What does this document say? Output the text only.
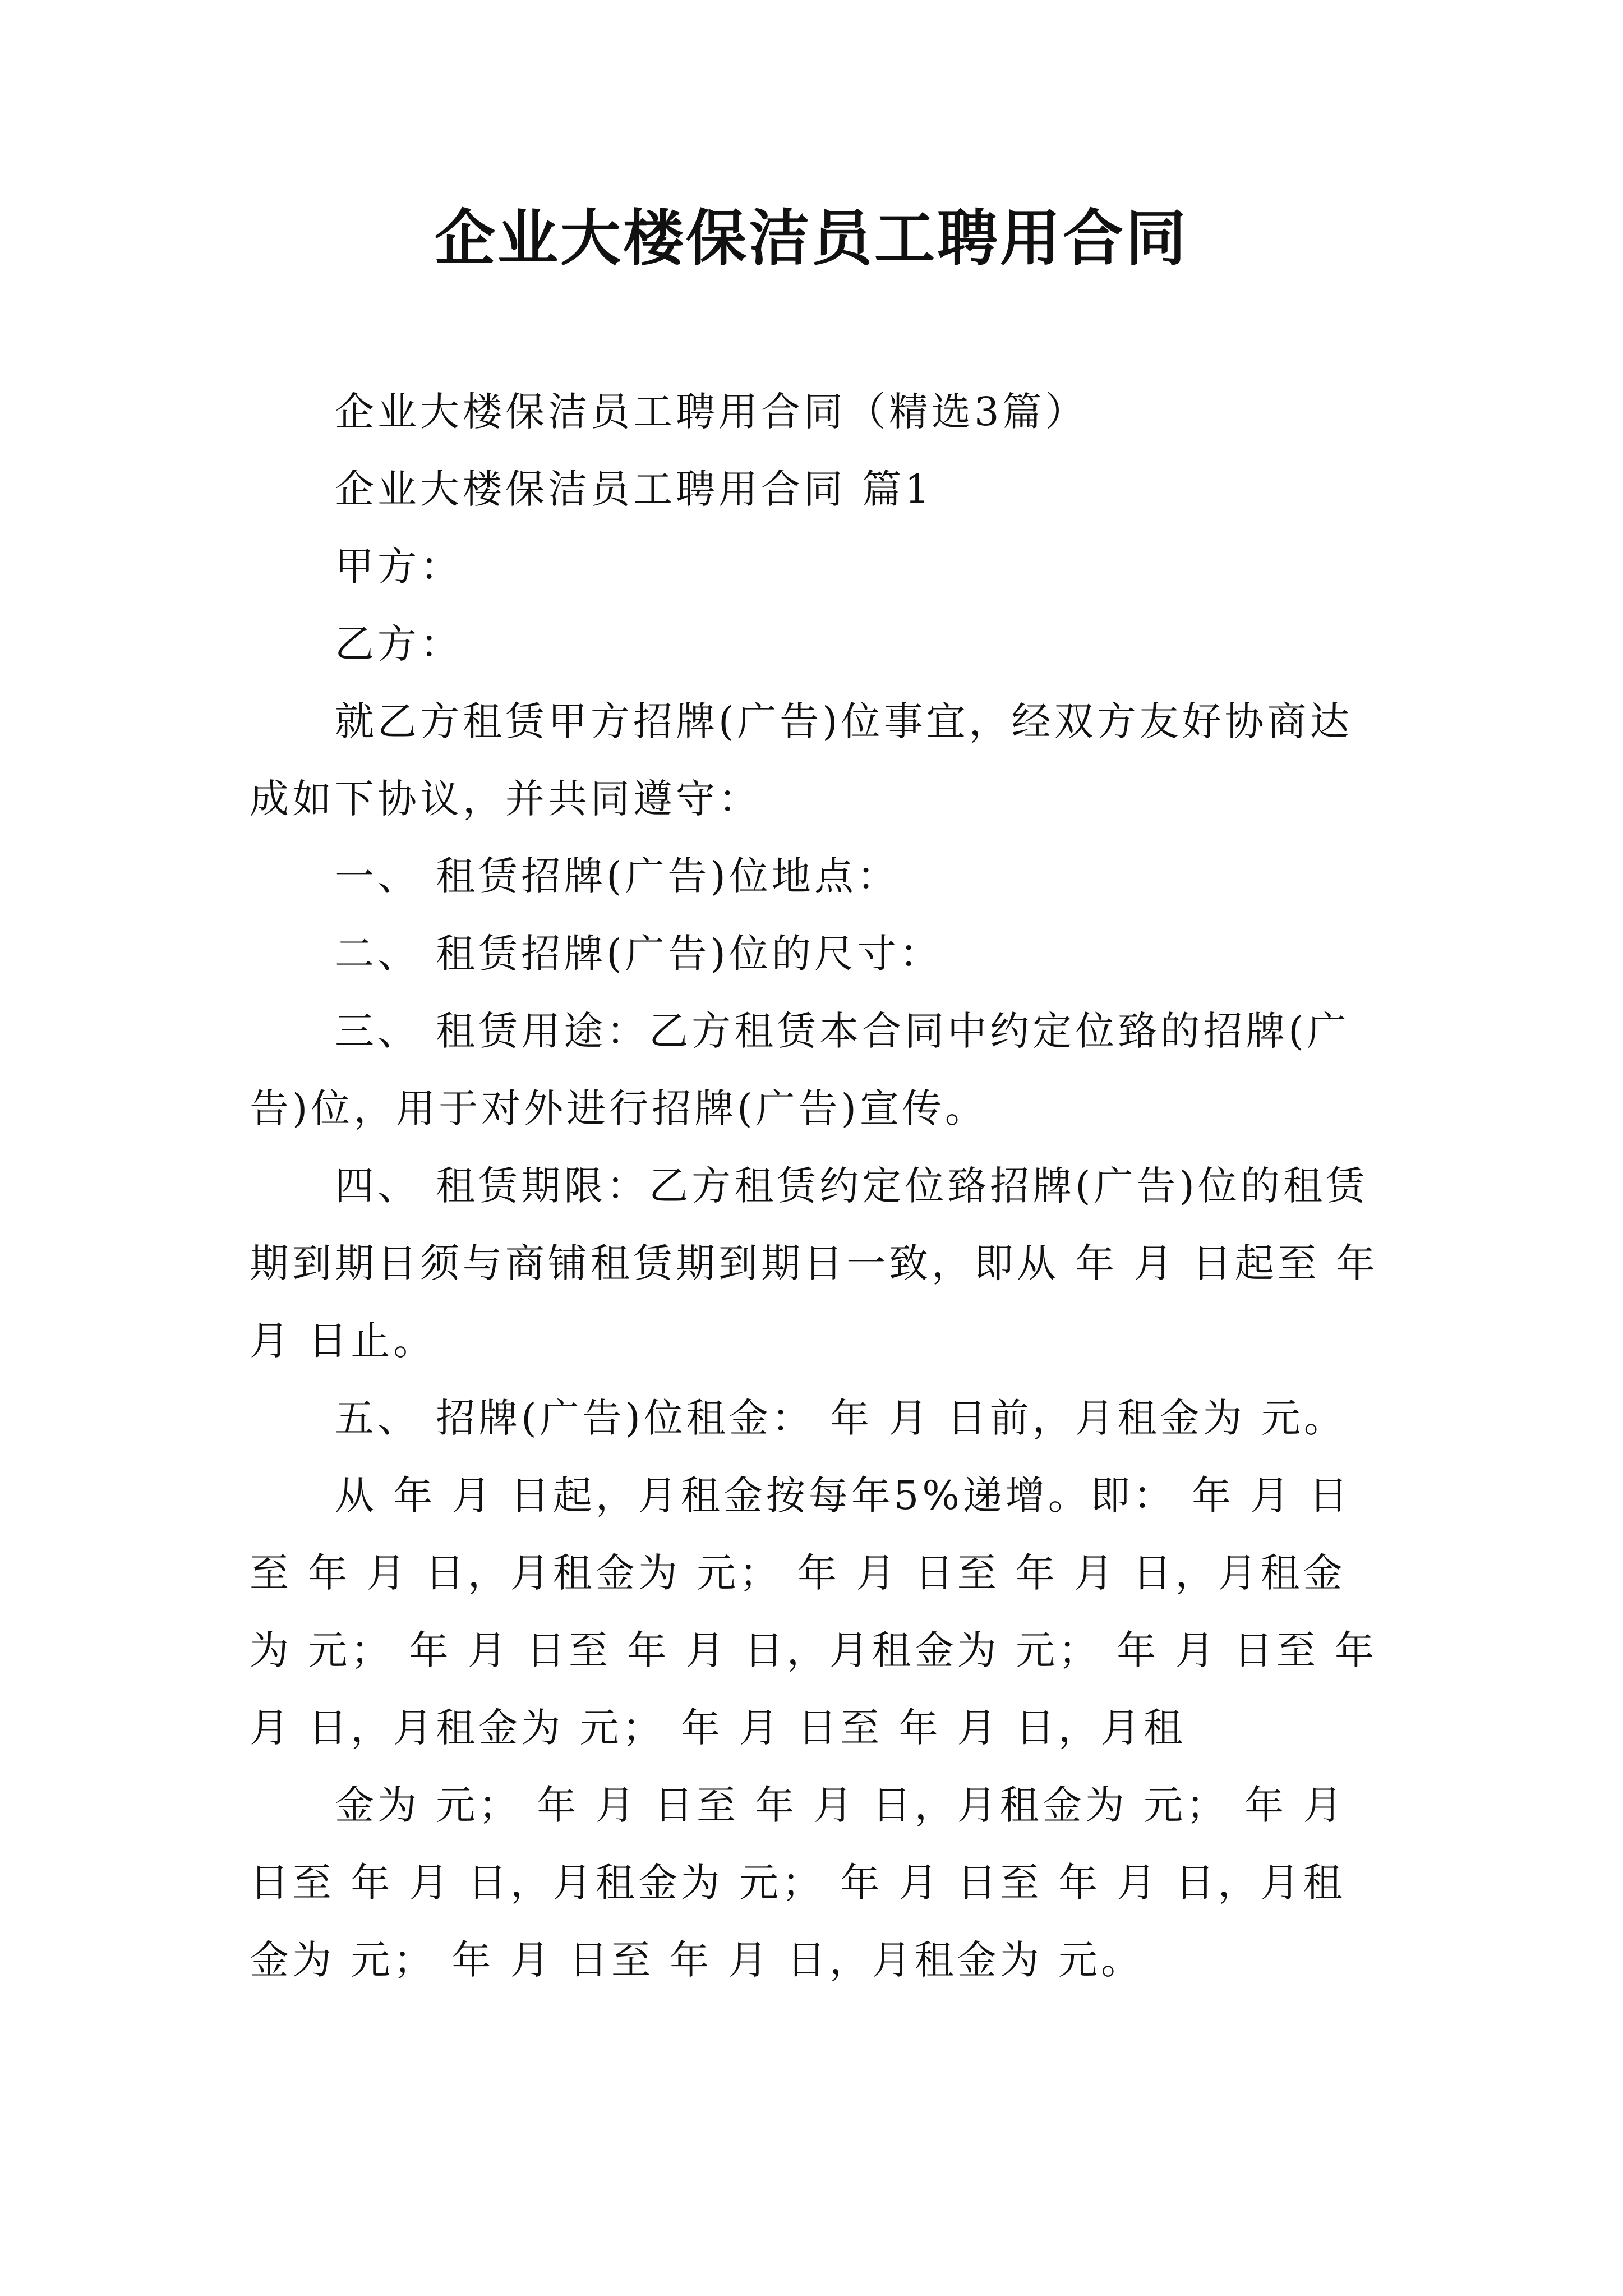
企业大楼保洁员工聘用合同

企业大楼保洁员工聘用合同（精选3篇）

企业大楼保洁员工聘用合同 篇1

甲方：

乙方：

就乙方租赁甲方招牌(广告)位事宜，经双方友好协商达成如下协议，并共同遵守：

一、 租赁招牌(广告)位地点：

二、 租赁招牌(广告)位的尺寸：

三、 租赁用途：乙方租赁本合同中约定位臵的招牌(广告)位，用于对外进行招牌(广告)宣传。

四、 租赁期限：乙方租赁约定位臵招牌(广告)位的租赁期到期日须与商铺租赁期到期日一致，即从 年 月 日起至 年 月 日止。

五、 招牌(广告)位租金： 年 月 日前，月租金为 元。

从 年 月 日起，月租金按每年5%递增。即： 年 月 日至 年 月 日，月租金为 元； 年 月 日至 年 月 日，月租金为 元； 年 月 日至 年 月 日，月租金为 元； 年 月 日至 年 月 日，月租金为 元； 年 月 日至 年 月 日，月租

金为 元； 年 月 日至 年 月 日，月租金为 元； 年 月 日至 年 月 日，月租金为 元； 年 月 日至 年 月 日，月租金为 元； 年 月 日至 年 月 日，月租金为 元。
